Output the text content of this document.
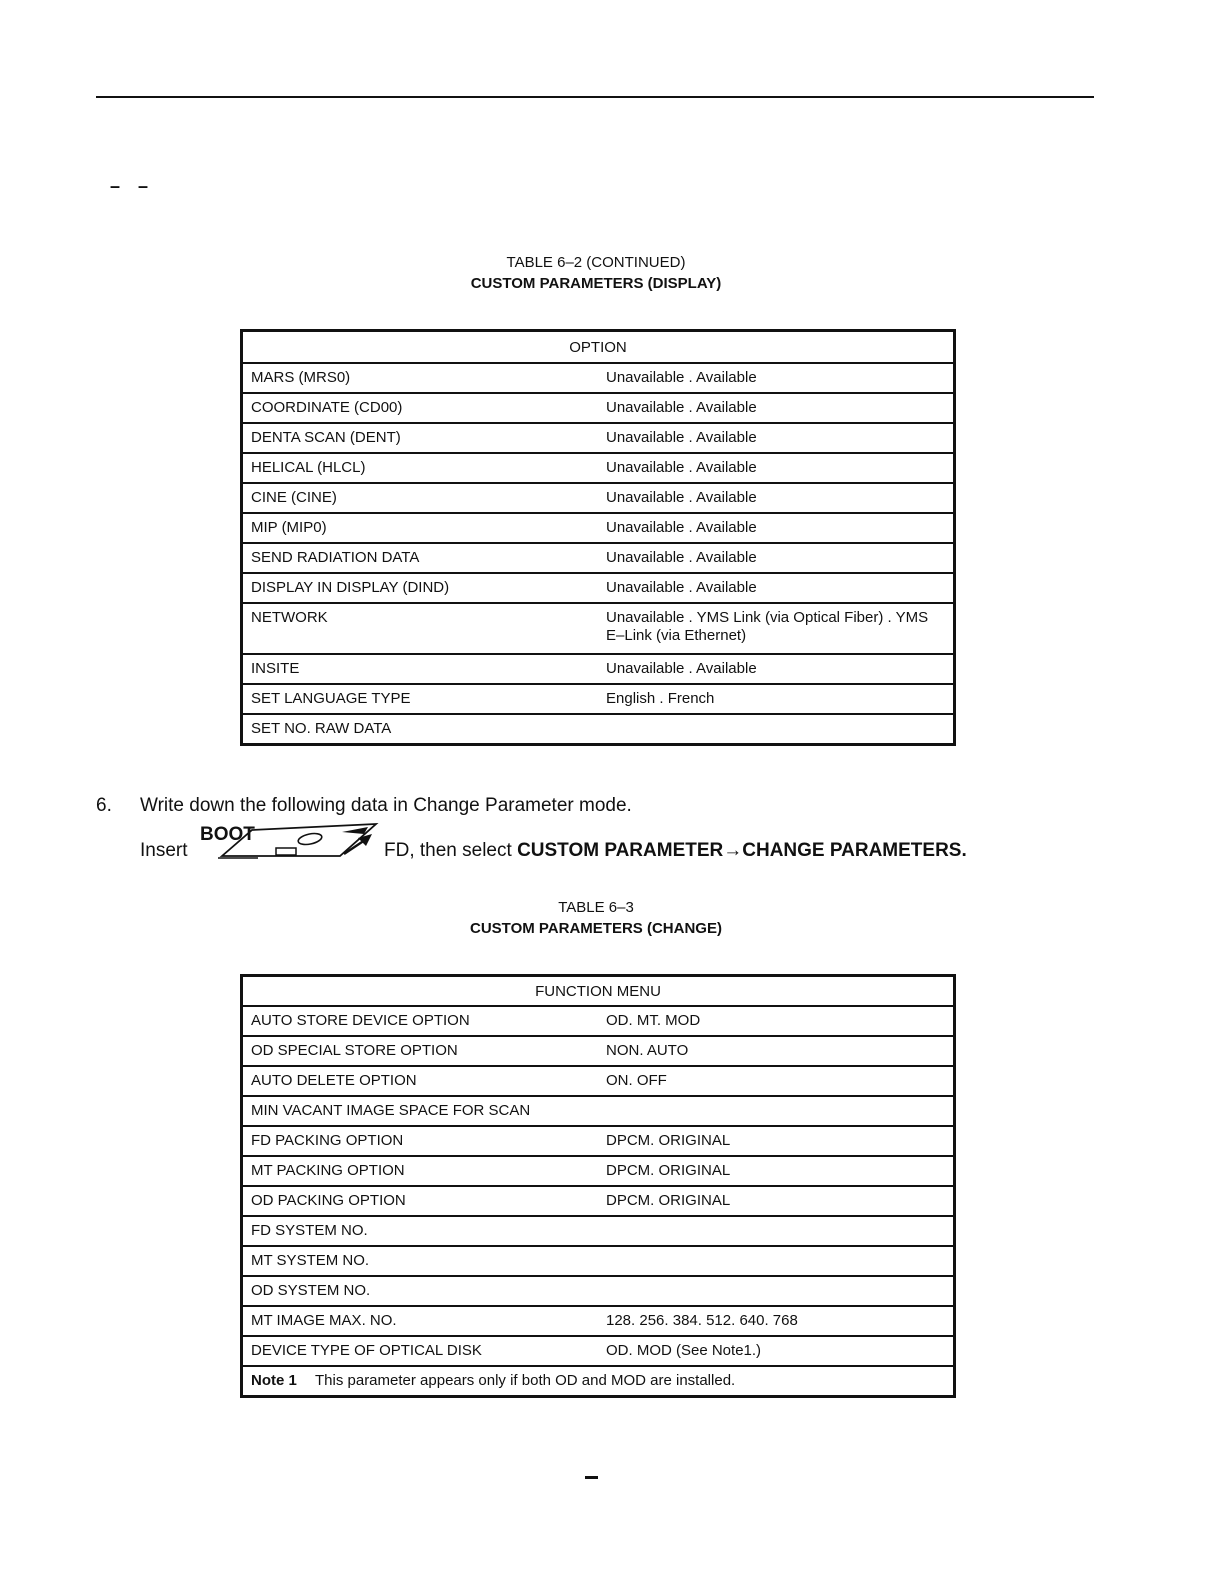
– –
TABLE 6–2 (CONTINUED)
CUSTOM PARAMETERS (DISPLAY)
OPTION	
MARS (MRS0)	Unavailable . Available
COORDINATE (CD00)	Unavailable . Available
DENTA SCAN (DENT)	Unavailable . Available
HELICAL (HLCL)	Unavailable . Available
CINE (CINE)	Unavailable . Available
MIP (MIP0)	Unavailable . Available
SEND RADIATION DATA	Unavailable . Available
DISPLAY IN DISPLAY (DIND)	Unavailable . Available
NETWORK	Unavailable . YMS Link (via Optical Fiber) . YMS E–Link (via Ethernet)
INSITE	Unavailable . Available
SET LANGUAGE TYPE	English . French
SET NO. RAW DATA	
6. Write down the following data in Change Parameter mode.
Insert
BOOT
FD, then select CUSTOM PARAMETER→CHANGE PARAMETERS.
TABLE 6–3
CUSTOM PARAMETERS (CHANGE)
FUNCTION MENU	
AUTO STORE DEVICE OPTION	OD. MT. MOD
OD SPECIAL STORE OPTION	NON. AUTO
AUTO DELETE OPTION	ON. OFF
MIN VACANT IMAGE SPACE FOR SCAN	
FD PACKING OPTION	DPCM. ORIGINAL
MT PACKING OPTION	DPCM. ORIGINAL
OD PACKING OPTION	DPCM. ORIGINAL
FD SYSTEM NO.	
MT SYSTEM NO.	
OD SYSTEM NO.	
MT IMAGE MAX. NO.	128. 256. 384. 512. 640. 768
DEVICE TYPE OF OPTICAL DISK	OD. MOD (See Note1.)
Note 1 This parameter appears only if both OD and MOD are installed.	
